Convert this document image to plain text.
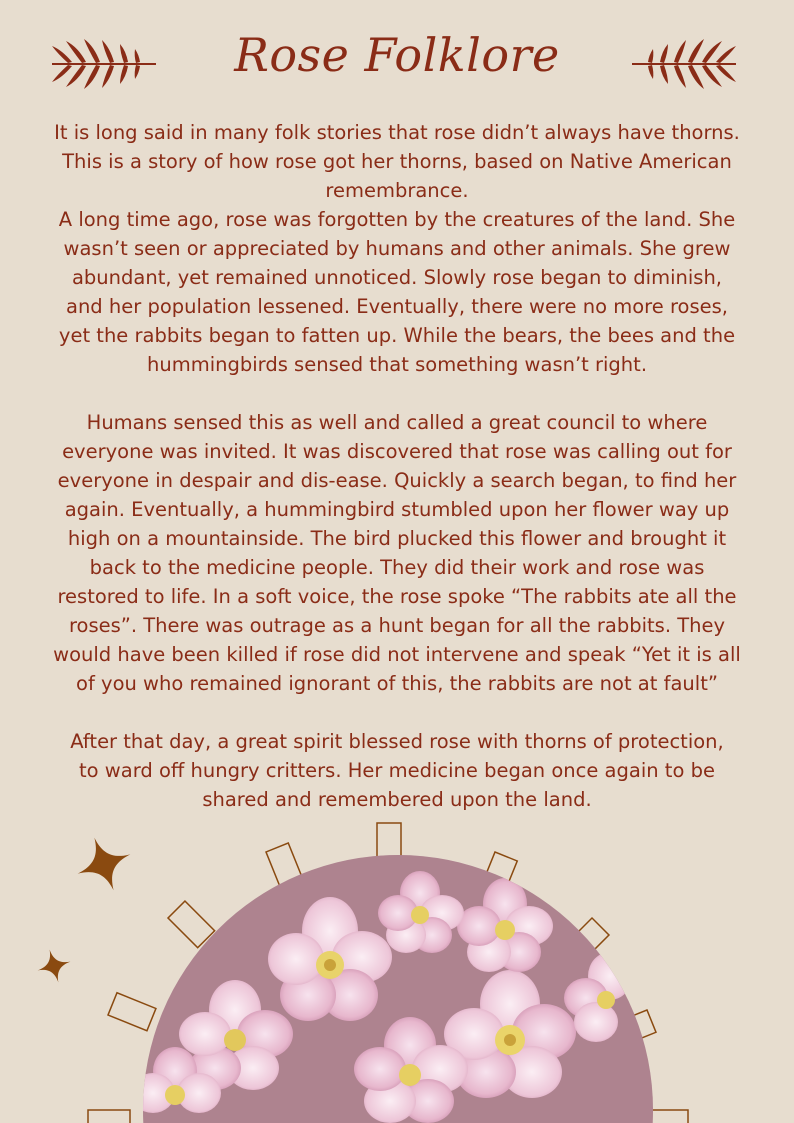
Rose Folklore

It is long said in many folk stories that rose didn’t always have thorns.
This is a story of how rose got her thorns, based on Native American
remembrance.
A long time ago, rose was forgotten by the creatures of the land. She
wasn’t seen or appreciated by humans and other animals. She grew
abundant, yet remained unnoticed. Slowly rose began to diminish,
and her population lessened. Eventually, there were no more roses,
yet the rabbits began to fatten up. While the bears, the bees and the
hummingbirds sensed that something wasn’t right.

Humans sensed this as well and called a great council to where
everyone was invited. It was discovered that rose was calling out for
everyone in despair and dis-ease. Quickly a search began, to find her
again. Eventually, a hummingbird stumbled upon her flower way up
high on a mountainside. The bird plucked this flower and brought it
back to the medicine people. They did their work and rose was
restored to life. In a soft voice, the rose spoke “The rabbits ate all the
roses”. There was outrage as a hunt began for all the rabbits. They
would have been killed if rose did not intervene and speak “Yet it is all
of you who remained ignorant of this, the rabbits are not at fault”

After that day, a great spirit blessed rose with thorns of protection,
to ward off hungry critters. Her medicine began once again to be
shared and remembered upon the land.
